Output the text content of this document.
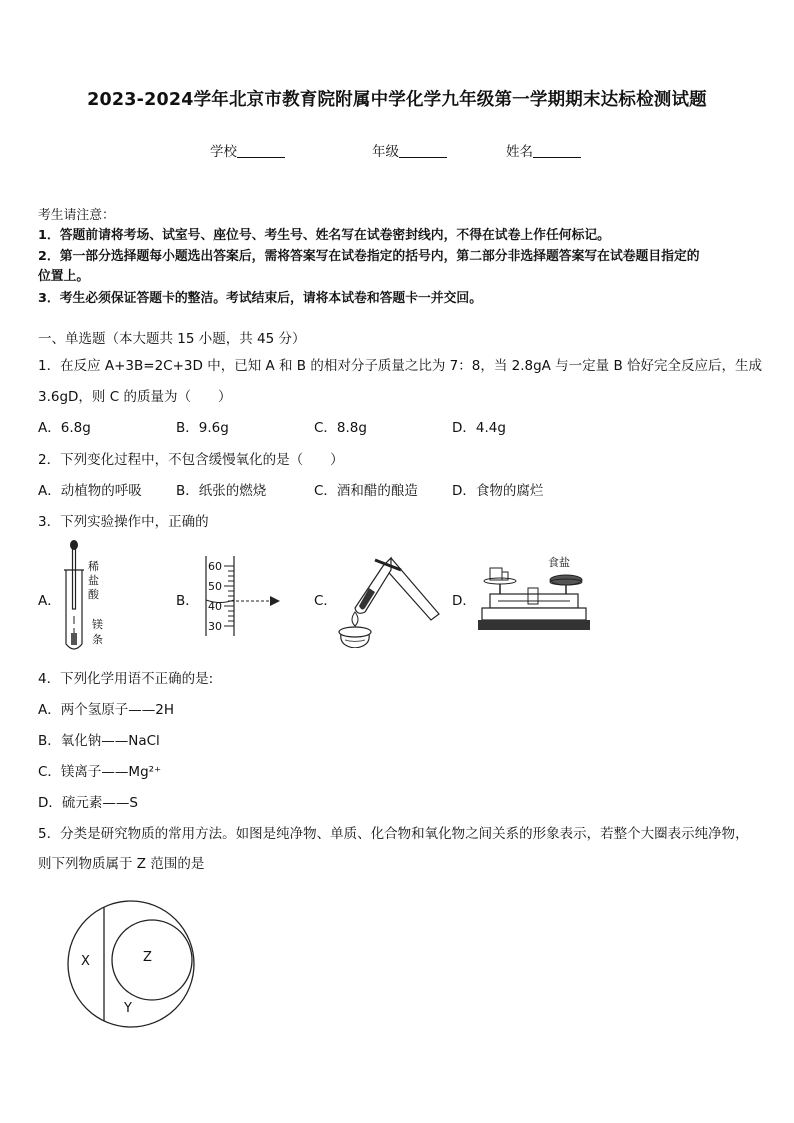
2023-2024学年北京市教育院附属中学化学九年级第一学期期末达标检测试题
学校	年级	姓名
考生请注意：
1．答题前请将考场、试室号、座位号、考生号、姓名写在试卷密封线内，不得在试卷上作任何标记。
2．第一部分选择题每小题选出答案后，需将答案写在试卷指定的括号内，第二部分非选择题答案写在试卷题目指定的
位置上。
3．考生必须保证答题卡的整洁。考试结束后，请将本试卷和答题卡一并交回。
一、单选题（本大题共 15 小题，共 45 分）
1．在反应 A+3B=2C+3D 中，已知 A 和 B 的相对分子质量之比为 7：8，当 2.8gA 与一定量 B 恰好完全反应后，生成
3.6gD，则 C 的质量为（　　）
A．6.8g	B．9.6g	C．8.8g	D．4.4g
2．下列变化过程中，不包含缓慢氧化的是（　　）
A．动植物的呼吸	B．纸张的燃烧	C．酒和醋的酿造	D．食物的腐烂
3．下列实验操作中，正确的
A．	B．	C．	D．
稀
盐
酸
镁
条
60
50
40
30
食盐
4．下列化学用语不正确的是:
A．两个氢原子——2H
B．氧化钠——NaCl
C．镁离子——Mg²⁺
D．硫元素——S
5．分类是研究物质的常用方法。如图是纯净物、单质、化合物和氧化物之间关系的形象表示，若整个大圈表示纯净物，
则下列物质属于 Z 范围的是
X	Z
Y
